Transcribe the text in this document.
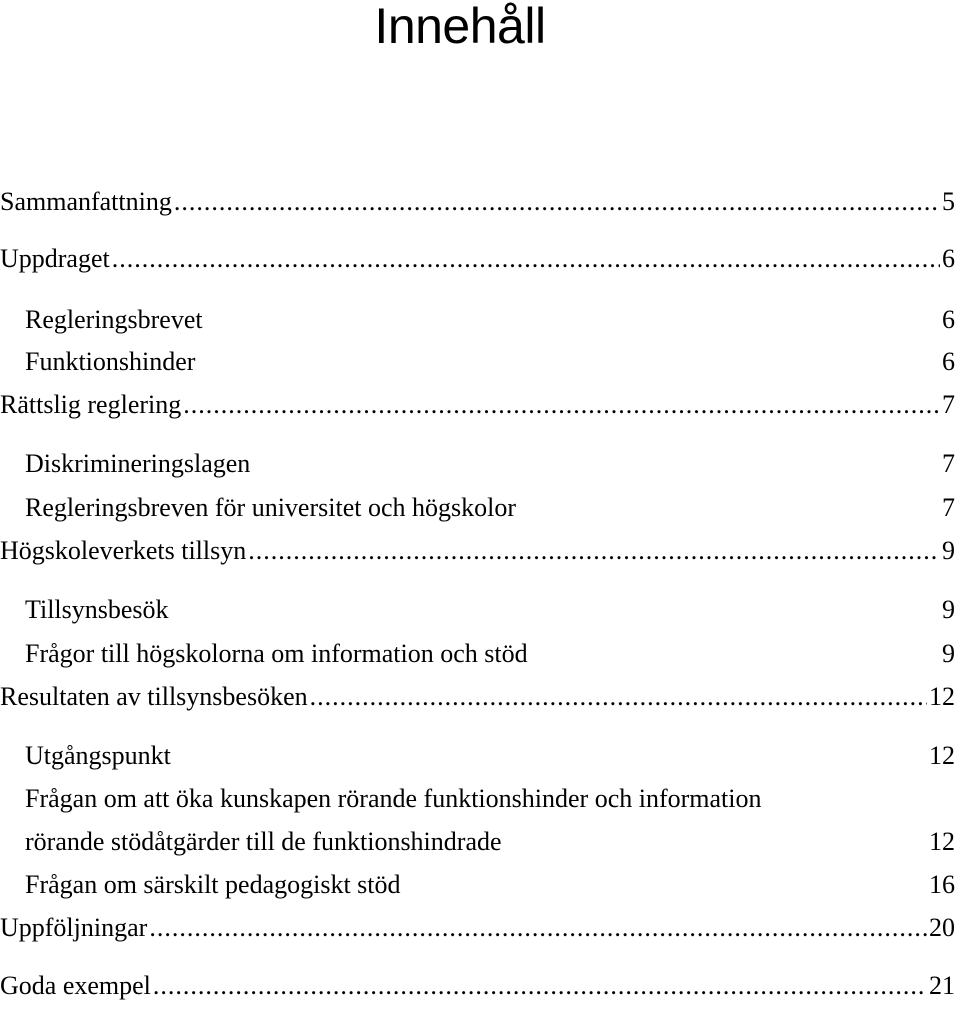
Innehåll
Sammanfattning .....	5
Uppdraget .....	6
Regleringsbrevet	6
Funktionshinder	6
Rättslig reglering .....	7
Diskrimineringslagen	7
Regleringsbreven för universitet och högskolor	7
Högskoleverkets tillsyn .....	9
Tillsynsbesök	9
Frågor till högskolorna om information och stöd	9
Resultaten av tillsynsbesöken .....	12
Utgångspunkt	12
Frågan om att öka kunskapen rörande funktionshinder och information
rörande stödåtgärder till de funktionshindrade	12
Frågan om särskilt pedagogiskt stöd	16
Uppföljningar .....	20
Goda exempel .....	21
